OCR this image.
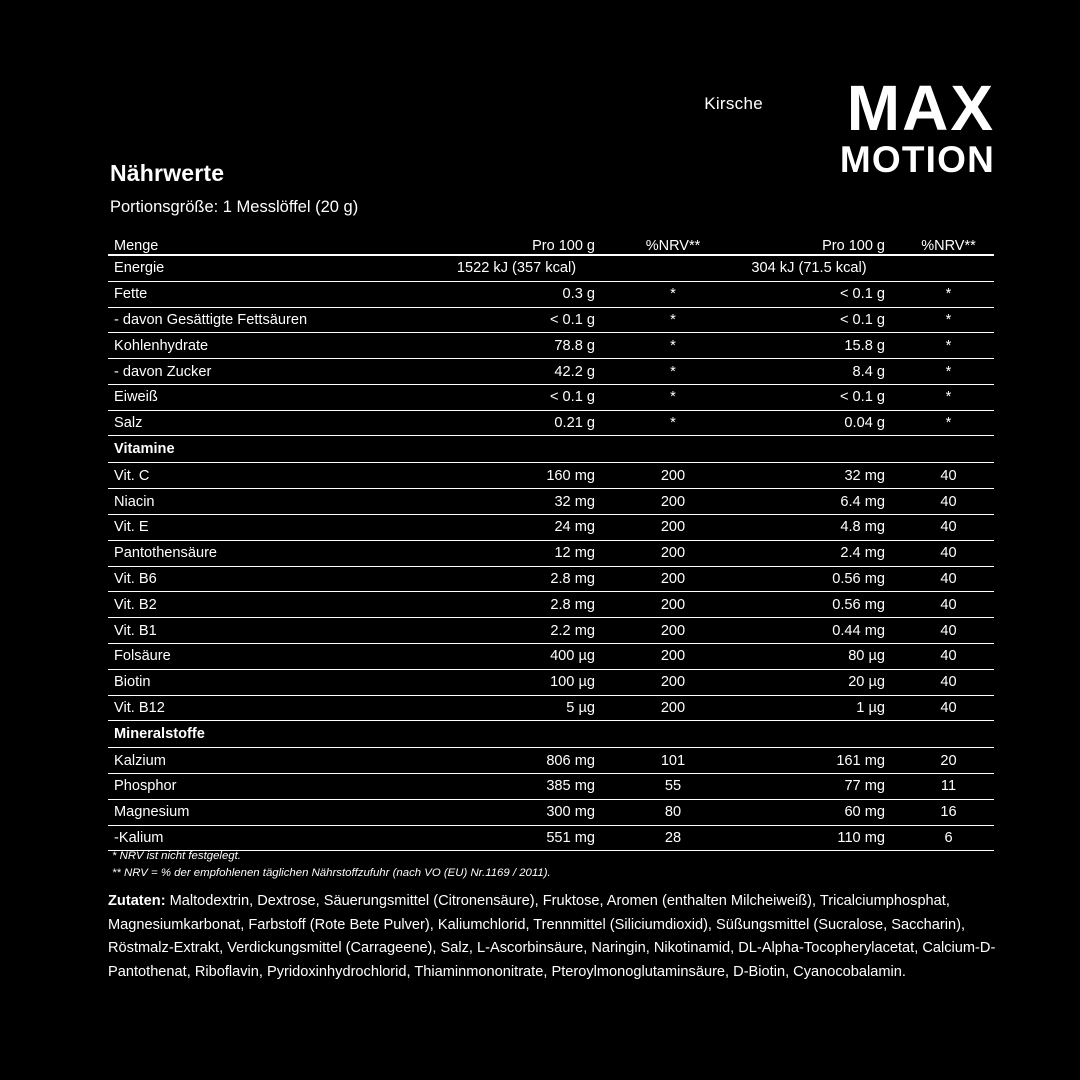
Kirsche MAX
MOTION
Nährwerte
Portionsgröße: 1 Messlöffel (20 g)
Menge	Pro 100 g	%NRV**	Pro 100 g	%NRV**

Energie	1522 kJ (357 kcal)		304 kJ (71.5 kcal)	
Fette	0.3 g	*	< 0.1 g	*
- davon Gesättigte Fettsäuren	< 0.1 g	*	< 0.1 g	*
Kohlenhydrate	78.8 g	*	15.8 g	*
- davon Zucker	42.2 g	*	8.4 g	*
Eiweiß	< 0.1 g	*	< 0.1 g	*
Salz	0.21 g	*	0.04 g	*
Vitamine				
Vit. C	160 mg	200	32 mg	40
Niacin	32 mg	200	6.4 mg	40
Vit. E	24 mg	200	4.8 mg	40
Pantothensäure	12 mg	200	2.4 mg	40
Vit. B6	2.8 mg	200	0.56 mg	40
Vit. B2	2.8 mg	200	0.56 mg	40
Vit. B1	2.2 mg	200	0.44 mg	40
Folsäure	400 µg	200	80 µg	40
Biotin	100 µg	200	20 µg	40
Vit. B12	5 µg	200	1 µg	40
Mineralstoffe				
Kalzium	806 mg	101	161 mg	20
Phosphor	385 mg	55	77 mg	11
Magnesium	300 mg	80	60 mg	16
-Kalium	551 mg	28	110 mg	6
* NRV ist nicht festgelegt.
** NRV = % der empfohlenen täglichen Nährstoffzufuhr (nach VO (EU) Nr.1169 / 2011).
Zutaten: Maltodextrin, Dextrose, Säuerungsmittel (Citronensäure), Fruktose, Aromen (enthalten Milcheiweiß), Tricalciumphosphat, Magnesiumkarbonat, Farbstoff (Rote Bete Pulver), Kaliumchlorid, Trennmittel (Siliciumdioxid), Süßungsmittel (Sucralose, Saccharin), Röstmalz-Extrakt, Verdickungsmittel (Carrageene), Salz, L-Ascorbinsäure, Naringin, Nikotinamid, DL-Alpha-Tocopherylacetat, Calcium-D-Pantothenat, Riboflavin, Pyridoxinhydrochlorid, Thiaminmononitrate, Pteroylmonoglutaminsäure, D-Biotin, Cyanocobalamin.
